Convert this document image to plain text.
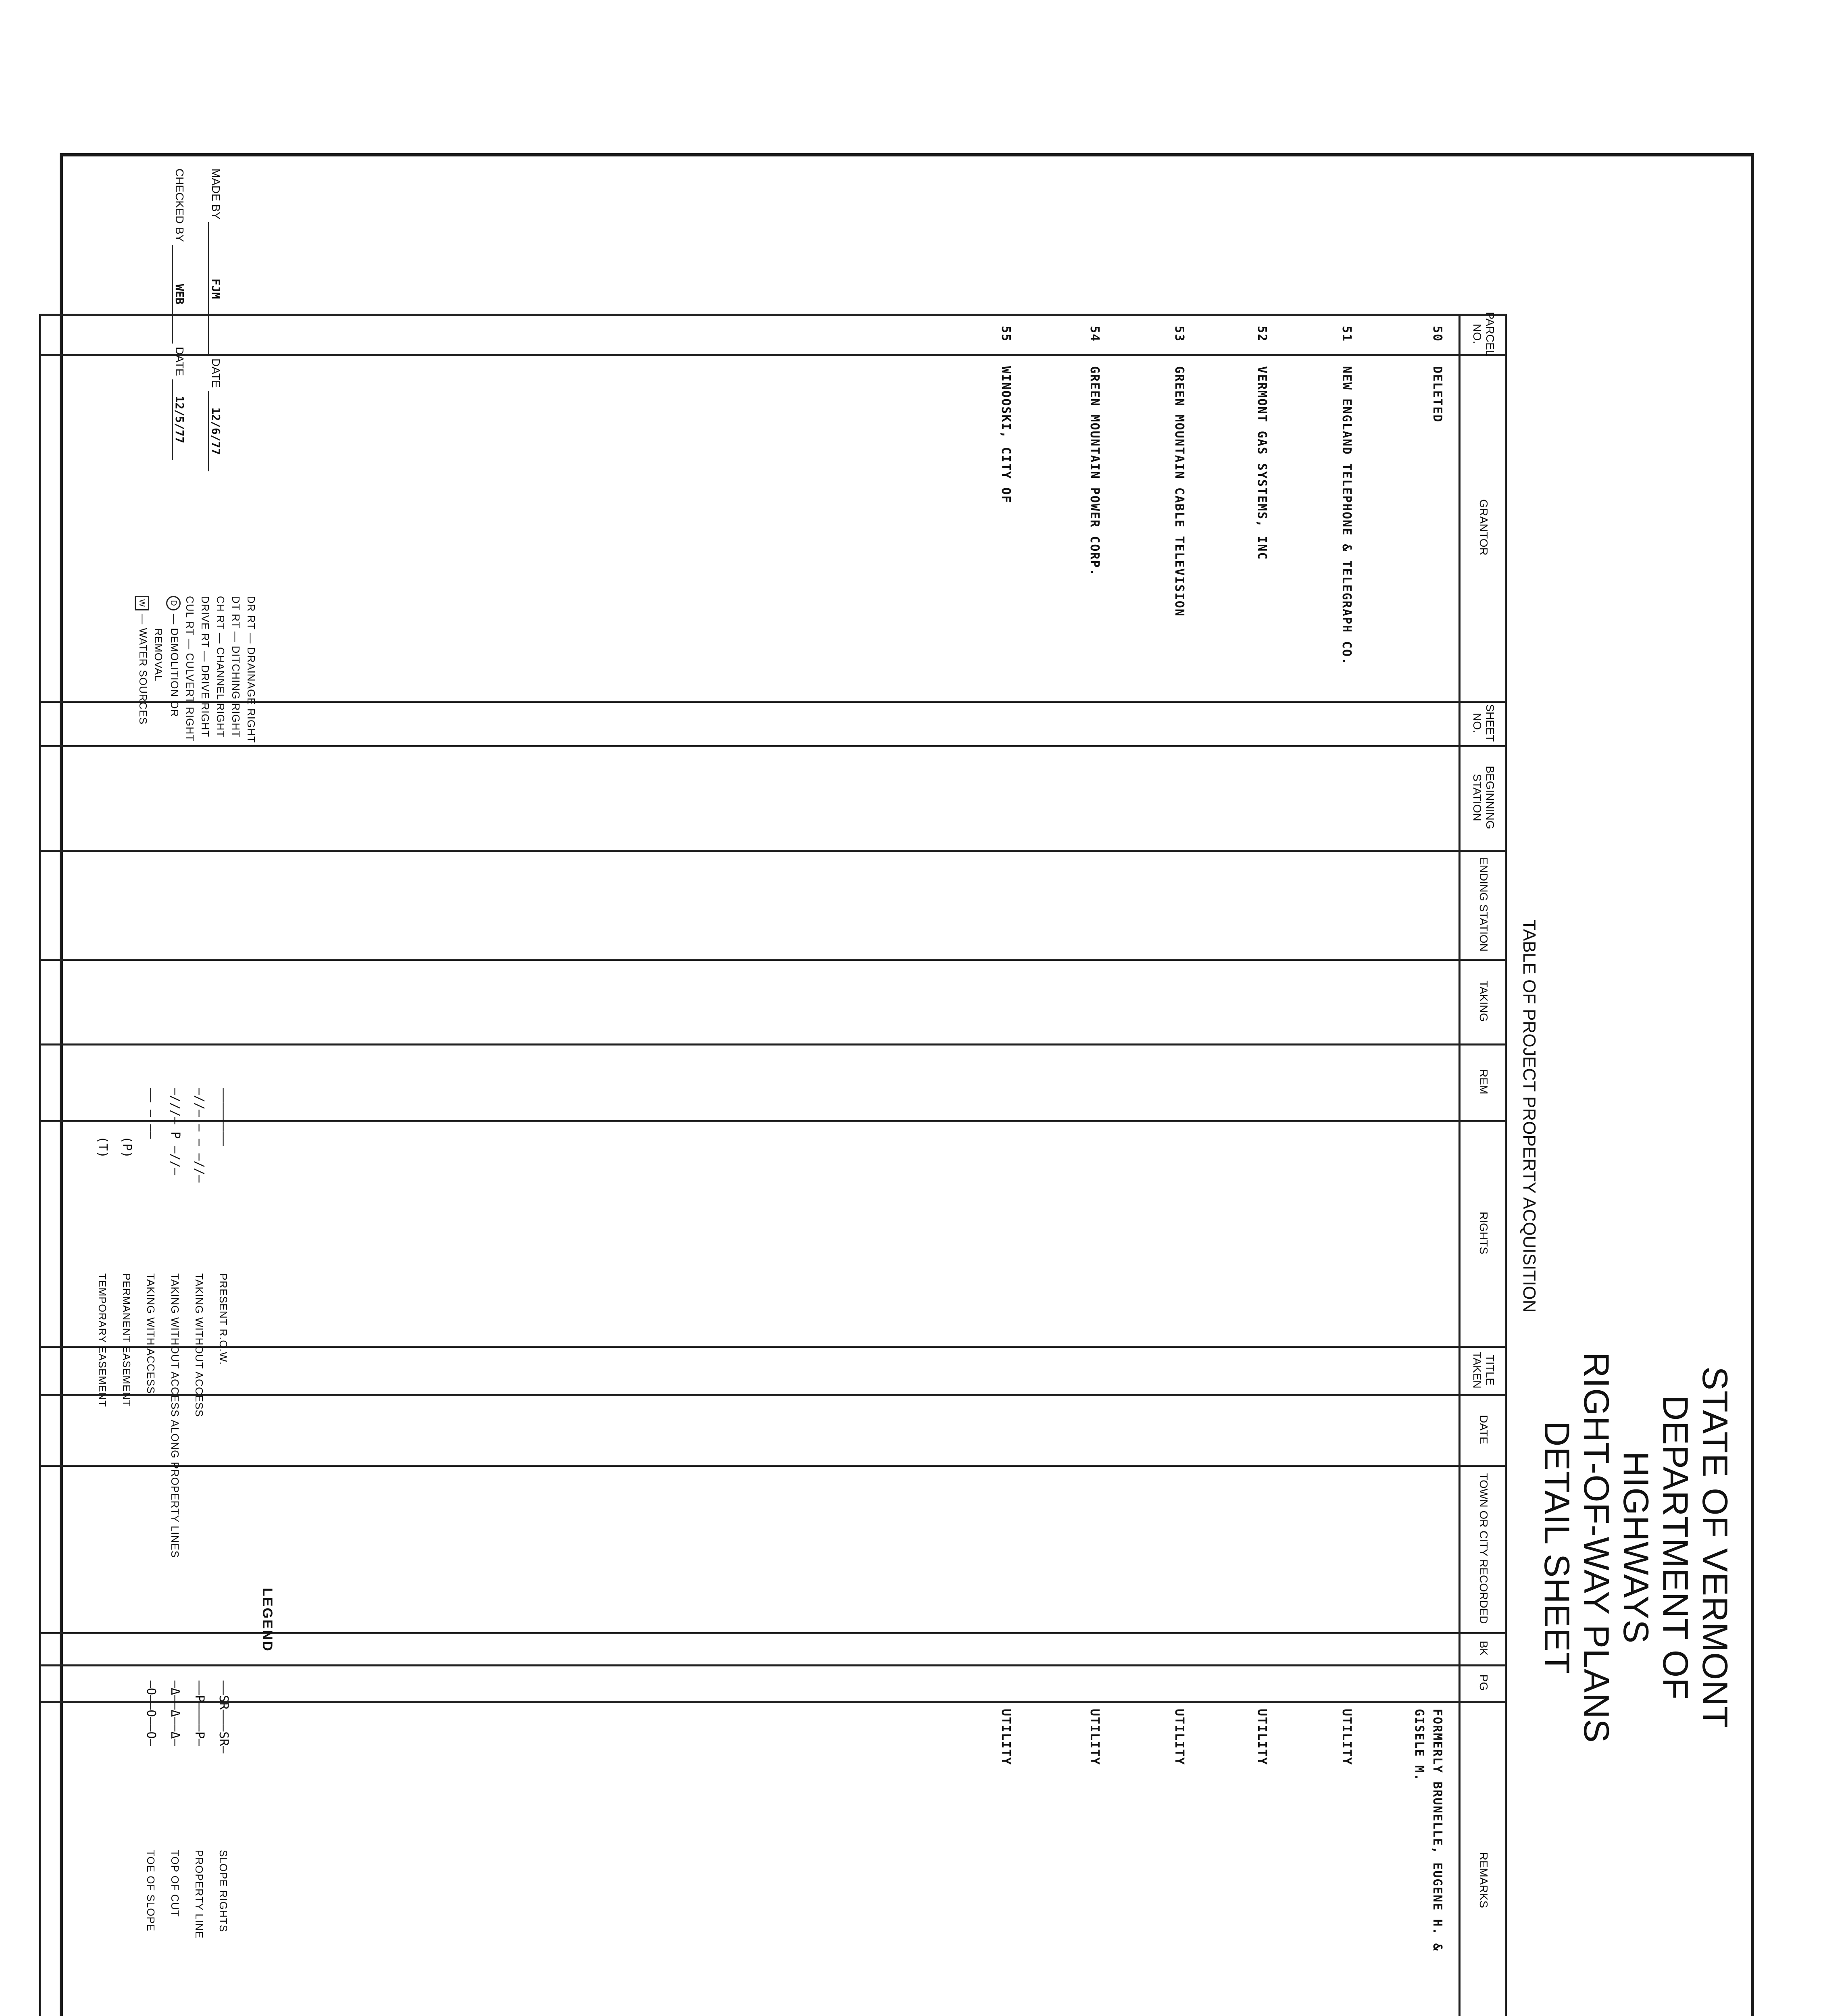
STATE OF VERMONT
DEPARTMENT OF HIGHWAYS
RIGHT-OF-WAY PLANS
DETAIL SHEET
TABLE OF PROJECT PROPERTY ACQUISITION
PARCEL NO.
GRANTOR
SHEET NO.
BEGINNING STATION
ENDING STATION
TAKING
REM
RIGHTS
TITLE TAKEN
DATE
TOWN OR CITY RECORDED
BK
PG
REMARKS
50
DELETED
FORMERLY BRUNELLE, EUGENE H. &
GISELE M.
51
NEW ENGLAND TELEPHONE & TELEGRAPH CO.
UTILITY
52
VERMONT GAS SYSTEMS, INC
UTILITY
53
GREEN MOUNTAIN CABLE TELEVISION
UTILITY
54
GREEN MOUNTAIN POWER CORP.
UTILITY
55
WINOOSKI, CITY OF
UTILITY
MADE BY FJM DATE 12/6/77
CHECKED BY WEB DATE 12/5/77
DR RT — DRAINAGE RIGHT
DT RT — DITCHING RIGHT
CH RT — CHANNEL RIGHT
DRIVE RT — DRIVE RIGHT
CUL RT — CULVERT RIGHT
D — DEMOLITION OR
REMOVAL
W — WATER SOURCES
LEGEND
————————PRESENT R.O.W.
—//— – – —//—TAKING WITHOUT ACCESS
—///— P —//—TAKING WITHOUT ACCESS ALONG PROPERTY LINES
—— — ——TAKING WITH ACCESS
(P)PERMANENT EASEMENT
(T)TEMPORARY EASEMENT
——SR———SR—SLOPE RIGHTS
——P————P—PROPERTY LINE
—Δ——Δ——Δ—TOP OF CUT
—O——O——O—TOE OF SLOPE
